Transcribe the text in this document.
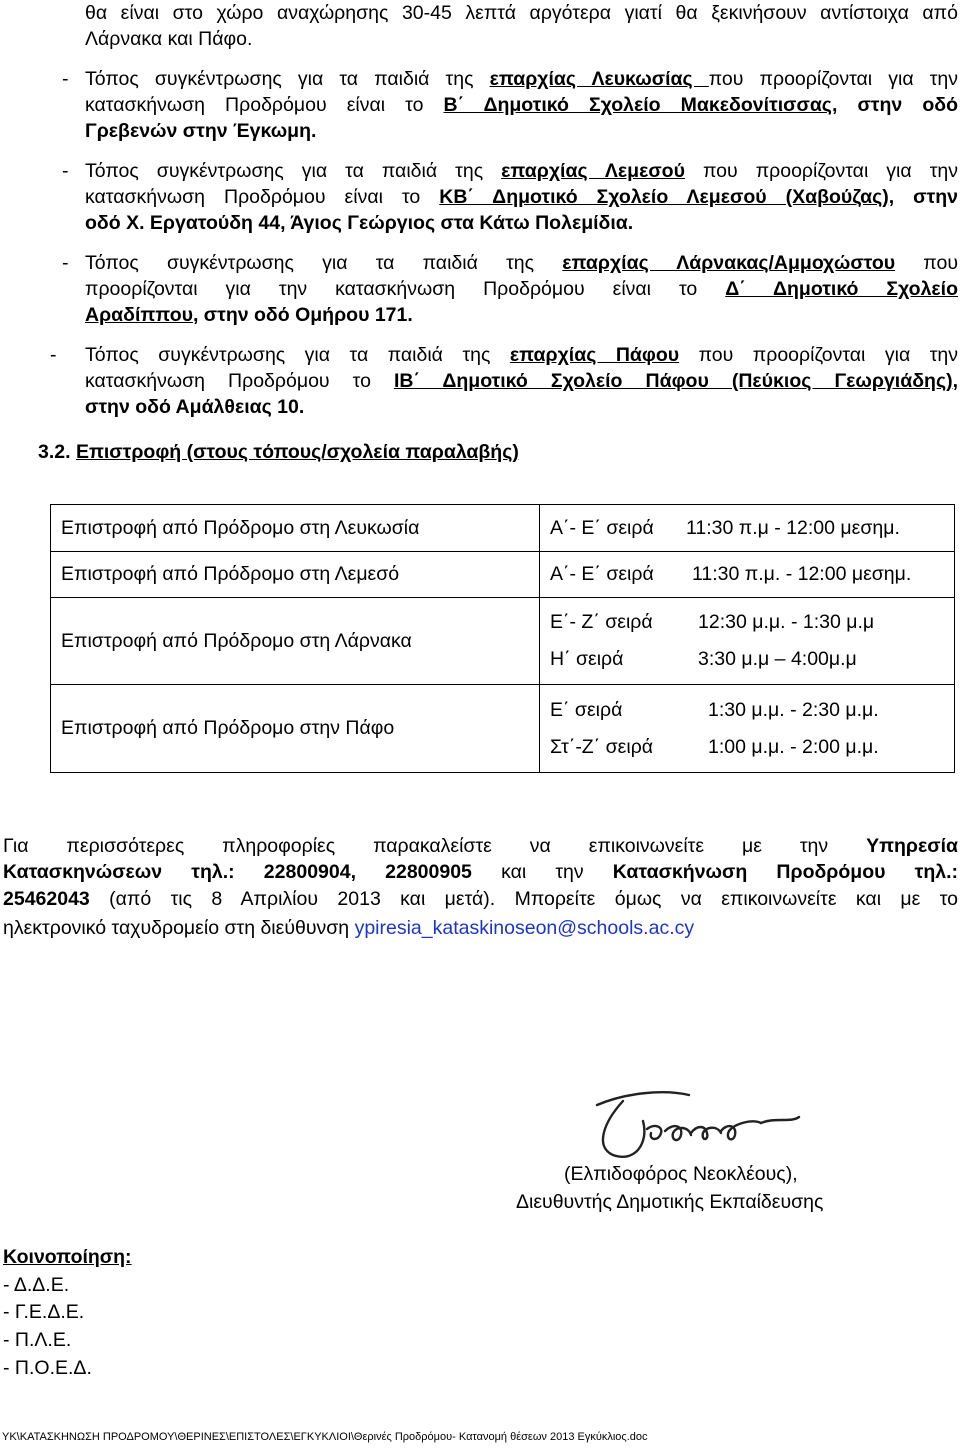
θα είναι στο χώρο αναχώρησης 30-45 λεπτά αργότερα γιατί θα ξεκινήσουν αντίστοιχα από
Λάρνακα και Πάφο.
- Τόπος συγκέντρωσης για τα παιδιά της επαρχίας Λευκωσίας που προορίζονται για την
κατασκήνωση Προδρόμου είναι το Β΄ Δημοτικό Σχολείο Μακεδονίτισσας, στην οδό
Γρεβενών στην Έγκωμη.
- Τόπος συγκέντρωσης για τα παιδιά της επαρχίας Λεμεσού που προορίζονται για την
κατασκήνωση Προδρόμου είναι το ΚΒ΄ Δημοτικό Σχολείο Λεμεσού (Χαβούζας), στην
οδό Χ. Εργατούδη 44, Άγιος Γεώργιος στα Κάτω Πολεμίδια.
- Τόπος συγκέντρωσης για τα παιδιά της επαρχίας Λάρνακας/Αμμοχώστου που
προορίζονται για την κατασκήνωση Προδρόμου είναι το Δ΄ Δημοτικό Σχολείο
Αραδίππου, στην οδό Ομήρου 171.
- Τόπος συγκέντρωσης για τα παιδιά της επαρχίας Πάφου που προορίζονται για την
κατασκήνωση Προδρόμου το ΙΒ΄ Δημοτικό Σχολείο Πάφου (Πεύκιος Γεωργιάδης),
στην οδό Αμάλθειας 10.
3.2. Επιστροφή (στους τόπους/σχολεία παραλαβής)
Επιστροφή από Πρόδρομο στη Λευκωσία	Α΄- Ε΄ σειρά 11:30 π.μ - 12:00 μεσημ.

Επιστροφή από Πρόδρομο στη Λεμεσό	Α΄- Ε΄ σειρά 11:30 π.μ. - 12:00 μεσημ.

Επιστροφή από Πρόδρομο στη Λάρνακα	Ε΄- Ζ΄ σειρά 12:30 μ.μ. - 1:30 μ.μ
Η΄ σειρά 3:30 μ.μ – 4:00μ.μ

Επιστροφή από Πρόδρομο στην Πάφο	Ε΄ σειρά 1:30 μ.μ. - 2:30 μ.μ.
Στ΄-Ζ΄ σειρά 1:00 μ.μ. - 2:00 μ.μ.
Για περισσότερες πληροφορίες παρακαλείστε να επικοινωνείτε με την Υπηρεσία
Κατασκηνώσεων τηλ.: 22800904, 22800905 και την Κατασκήνωση Προδρόμου τηλ.:
25462043 (από τις 8 Απριλίου 2013 και μετά). Μπορείτε όμως να επικοινωνείτε και με το
ηλεκτρονικό ταχυδρομείο στη διεύθυνση ypiresia_kataskinoseon@schools.ac.cy
(Ελπιδοφόρος Νεοκλέους),
Διευθυντής Δημοτικής Εκπαίδευσης
Κοινοποίηση:
- Δ.Δ.Ε.
- Γ.Ε.Δ.Ε.
- Π.Λ.Ε.
- Π.Ο.Ε.Δ.
ΥΚ\ΚΑΤΑΣΚΗΝΩΣΗ ΠΡΟΔΡΟΜΟΥ\ΘΕΡΙΝΕΣ\ΕΠΙΣΤΟΛΕΣ\ΕΓΚΥΚΛΙΟΙ\Θερινές Προδρόμου- Κατανομή θέσεων 2013 Εγκύκλιος.doc
